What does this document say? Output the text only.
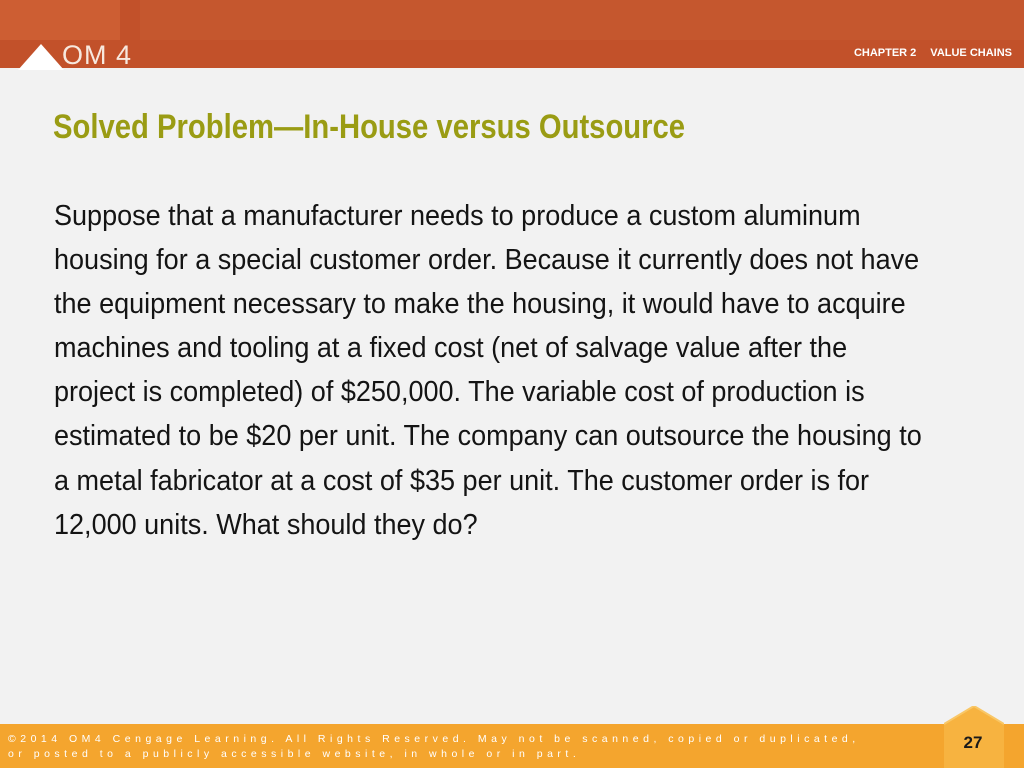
OM 4	CHAPTER 2 VALUE CHAINS
Solved Problem—In-House versus Outsource
Suppose that a manufacturer needs to produce a custom aluminum housing for a special customer order. Because it currently does not have the equipment necessary to make the housing, it would have to acquire machines and tooling at a fixed cost (net of salvage value after the project is completed) of $250,000. The variable cost of production is estimated to be $20 per unit. The company can outsource the housing to a metal fabricator at a cost of $35 per unit. The customer order is for 12,000 units. What should they do?
©2014 OM4 Cengage Learning. All Rights Reserved. May not be scanned, copied or duplicated, or posted to a publicly accessible website, in whole or in part.
27
